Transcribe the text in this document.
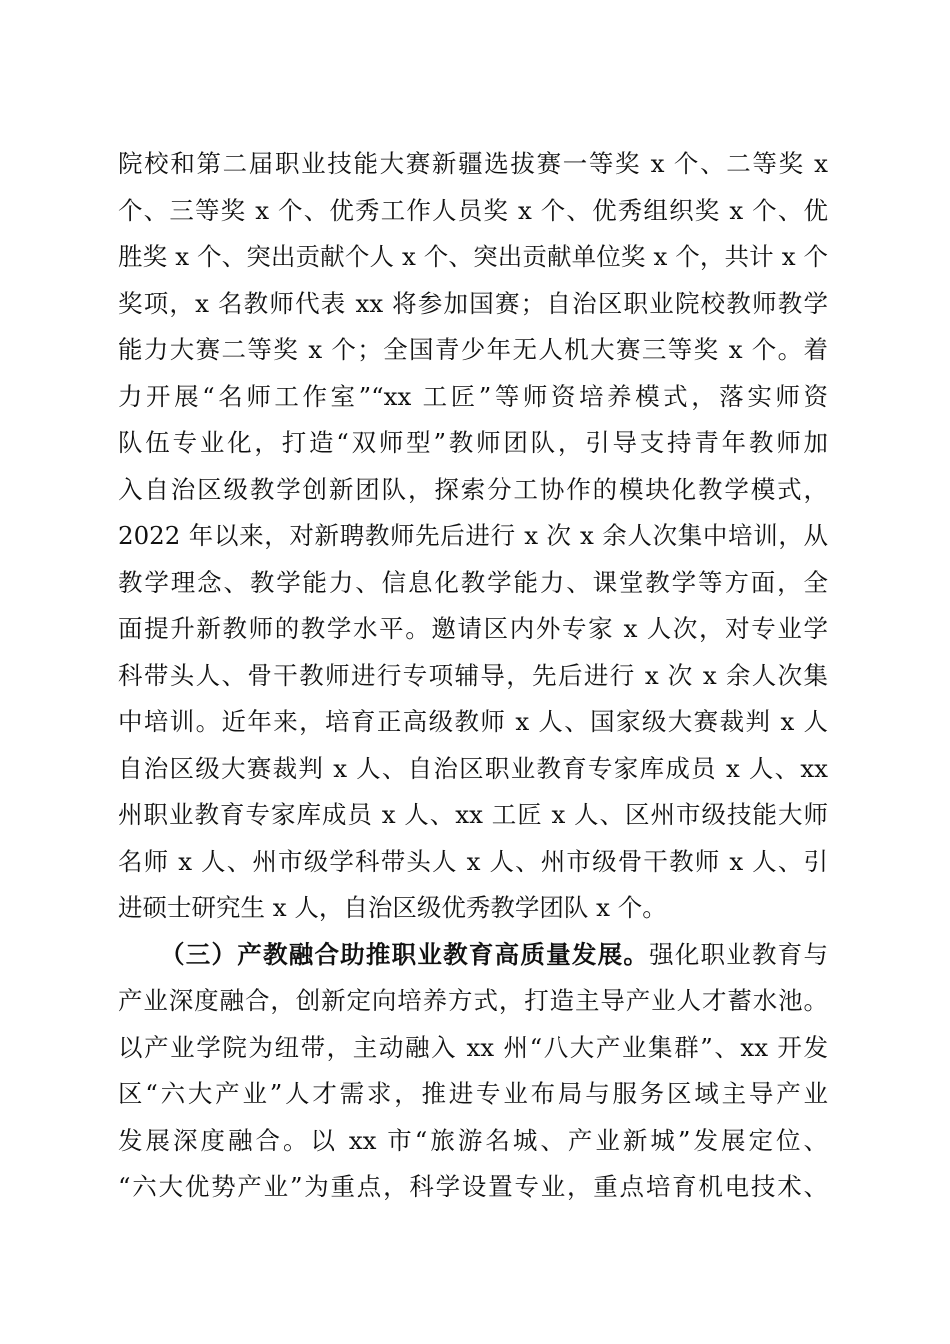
院校和第二届职业技能大赛新疆选拔赛一等奖 x 个、二等奖 x
个、三等奖 x 个、优秀工作人员奖 x 个、优秀组织奖 x 个、优
胜奖 x 个、突出贡献个人 x 个、突出贡献单位奖 x 个，共计 x 个
奖项，x 名教师代表 xx 将参加国赛；自治区职业院校教师教学
能力大赛二等奖 x 个；全国青少年无人机大赛三等奖 x 个。着
力开展“名师工作室”“xx 工匠”等师资培养模式，落实师资
队伍专业化，打造“双师型”教师团队，引导支持青年教师加
入自治区级教学创新团队，探索分工协作的模块化教学模式，
2022 年以来，对新聘教师先后进行 x 次 x 余人次集中培训，从
教学理念、教学能力、信息化教学能力、课堂教学等方面，全
面提升新教师的教学水平。邀请区内外专家 x 人次，对专业学
科带头人、骨干教师进行专项辅导，先后进行 x 次 x 余人次集
中培训。近年来，培育正高级教师 x 人、国家级大赛裁判 x 人
自治区级大赛裁判 x 人、自治区职业教育专家库成员 x 人、xx
州职业教育专家库成员 x 人、xx 工匠 x 人、区州市级技能大师
名师 x 人、州市级学科带头人 x 人、州市级骨干教师 x 人、引
进硕士研究生 x 人，自治区级优秀教学团队 x 个。
（三）产教融合助推职业教育高质量发展。强化职业教育与
产业深度融合，创新定向培养方式，打造主导产业人才蓄水池。
以产业学院为纽带，主动融入 xx 州“八大产业集群”、xx 开发
区“六大产业”人才需求，推进专业布局与服务区域主导产业
发展深度融合。以 xx 市“旅游名城、产业新城”发展定位、
“六大优势产业”为重点，科学设置专业，重点培育机电技术、
